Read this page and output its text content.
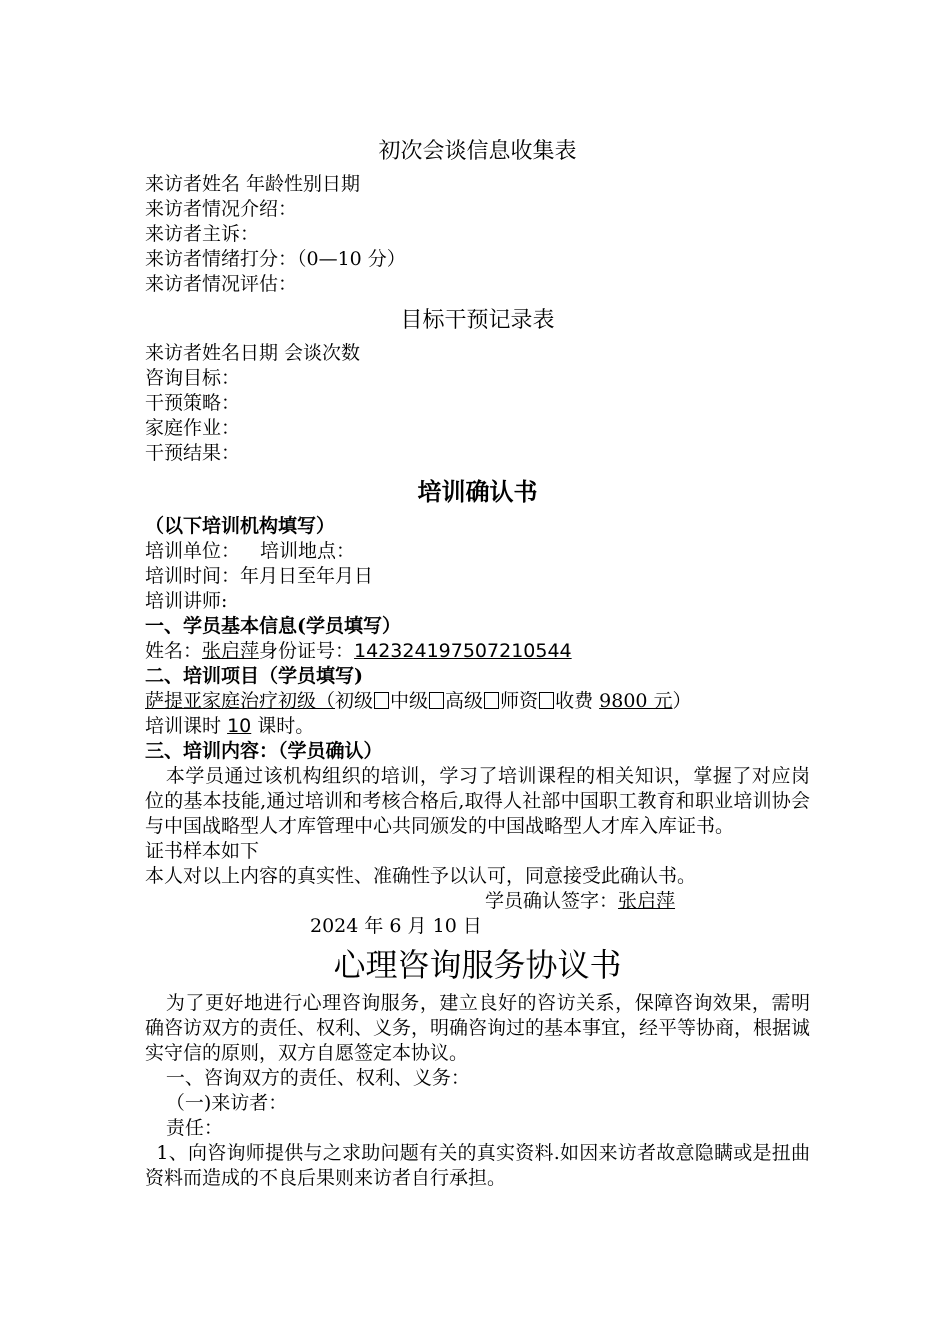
初次会谈信息收集表
来访者姓名 年龄性别日期
来访者情况介绍：
来访者主诉：
来访者情绪打分：（0—10 分）
来访者情况评估：
目标干预记录表
来访者姓名日期 会谈次数
咨询目标：
干预策略：
家庭作业：
干预结果：
培训确认书
（以下培训机构填写）
培训单位： 培训地点：
培训时间：年月日至年月日
培训讲师:
一、学员基本信息(学员填写）
姓名：张启萍身份证号：142324197507210544
二、培训项目（学员填写)
萨提亚家庭治疗初级（初级 中级 高级 师资 收费 9800 元）
培训课时 10 课时。
三、培训内容：（学员确认）
本学员通过该机构组织的培训，学习了培训课程的相关知识，掌握了对应岗位的基本技能,通过培训和考核合格后,取得人社部中国职工教育和职业培训协会与中国战略型人才库管理中心共同颁发的中国战略型人才库入库证书。
证书样本如下
本人对以上内容的真实性、准确性予以认可，同意接受此确认书。
学员确认签字：张启萍
2024 年 6 月 10 日
心理咨询服务协议书
为了更好地进行心理咨询服务，建立良好的咨访关系，保障咨询效果，需明确咨访双方的责任、权利、义务，明确咨询过的基本事宜，经平等协商，根据诚实守信的原则，双方自愿签定本协议。
一、咨询双方的责任、权利、义务：
（一)来访者：
责任：
1、向咨询师提供与之求助问题有关的真实资料.如因来访者故意隐瞒或是扭曲资料而造成的不良后果则来访者自行承担。
